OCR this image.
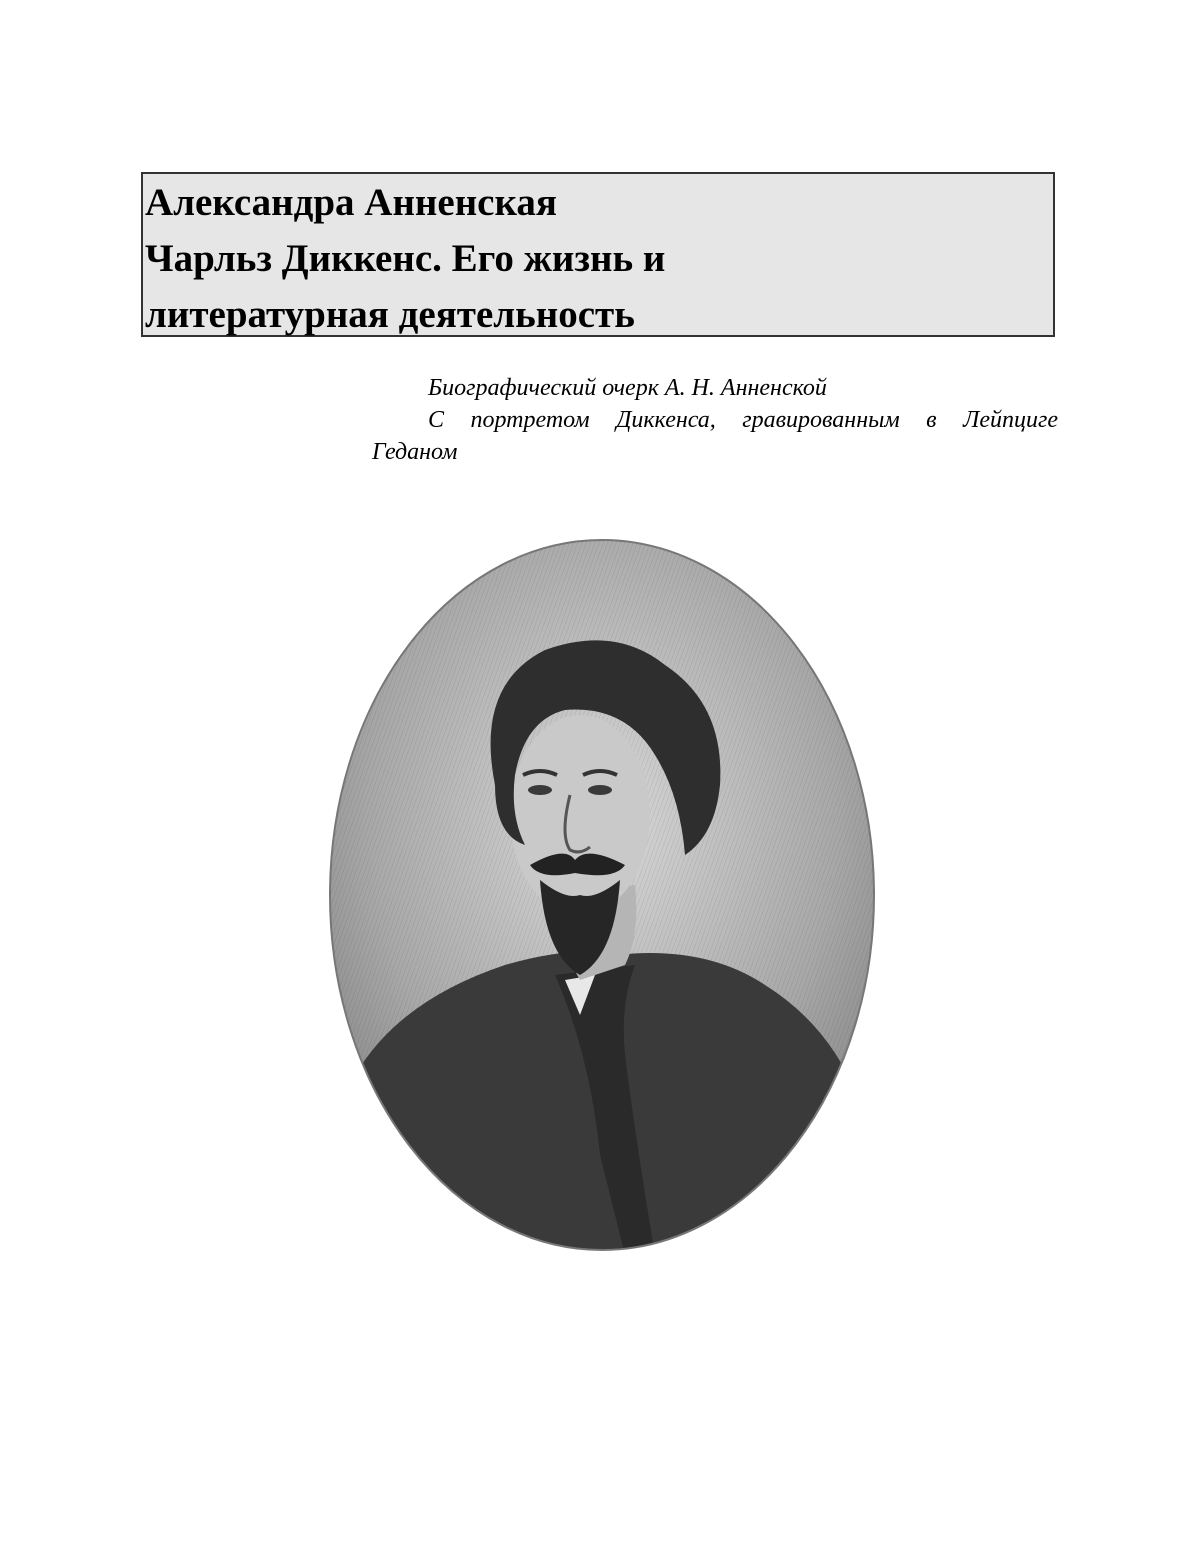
Александра Анненская
Чарльз Диккенс. Его жизнь и
литературная деятельность
Биографический очерк А. Н. Анненской
С портретом Диккенса, гравированным в Лейпциге
Геданом
